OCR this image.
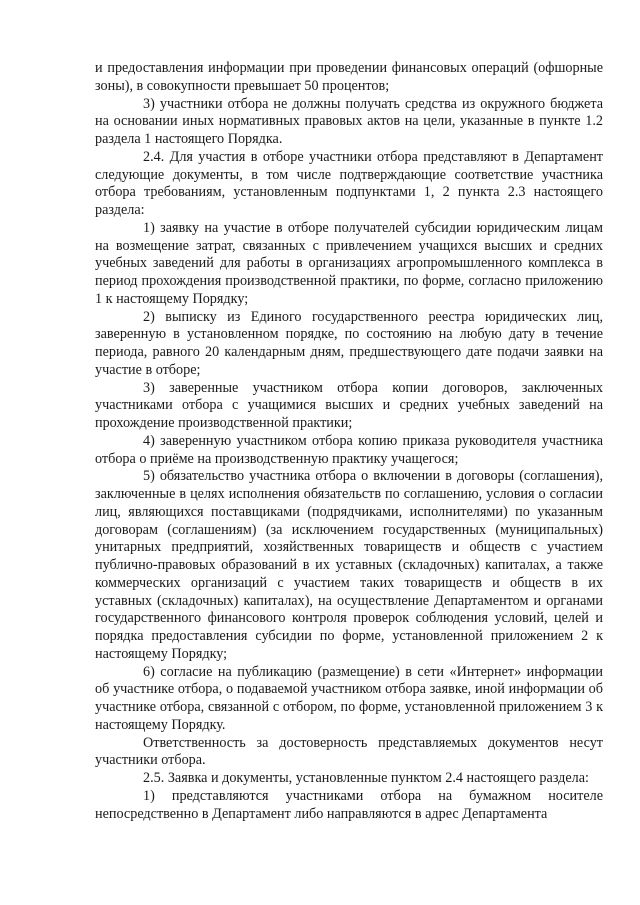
и предоставления информации при проведении финансовых операций (офшорные зоны), в совокупности превышает 50 процентов;

3) участники отбора не должны получать средства из окружного бюджета на основании иных нормативных правовых актов на цели, указанные в пункте 1.2 раздела 1 настоящего Порядка.

2.4. Для участия в отборе участники отбора представляют в Департамент следующие документы, в том числе подтверждающие соответствие участника отбора требованиям, установленным подпунктами 1, 2 пункта 2.3 настоящего раздела:

1) заявку на участие в отборе получателей субсидии юридическим лицам на возмещение затрат, связанных с привлечением учащихся высших и средних учебных заведений для работы в организациях агропромышленного комплекса в период прохождения производственной практики, по форме, согласно приложению 1 к настоящему Порядку;

2) выписку из Единого государственного реестра юридических лиц, заверенную в установленном порядке, по состоянию на любую дату в течение периода, равного 20 календарным дням, предшествующего дате подачи заявки на участие в отборе;

3) заверенные участником отбора копии договоров, заключенных участниками отбора с учащимися высших и средних учебных заведений на прохождение производственной практики;

4) заверенную участником отбора копию приказа руководителя участника отбора о приёме на производственную практику учащегося;

5) обязательство участника отбора о включении в договоры (соглашения), заключенные в целях исполнения обязательств по соглашению, условия о согласии лиц, являющихся поставщиками (подрядчиками, исполнителями) по указанным договорам (соглашениям) (за исключением государственных (муниципальных) унитарных предприятий, хозяйственных товариществ и обществ с участием публично-правовых образований в их уставных (складочных) капиталах, а также коммерческих организаций с участием таких товариществ и обществ в их уставных (складочных) капиталах), на осуществление Департаментом и органами государственного финансового контроля проверок соблюдения условий, целей и порядка предоставления субсидии по форме, установленной приложением 2 к настоящему Порядку;

6) согласие на публикацию (размещение) в сети «Интернет» информации об участнике отбора, о подаваемой участником отбора заявке, иной информации об участнике отбора, связанной с отбором, по форме, установленной приложением 3 к настоящему Порядку.

Ответственность за достоверность представляемых документов несут участники отбора.

2.5. Заявка и документы, установленные пунктом 2.4 настоящего раздела:

1) представляются участниками отбора на бумажном носителе непосредственно в Департамент либо направляются в адрес Департамента
